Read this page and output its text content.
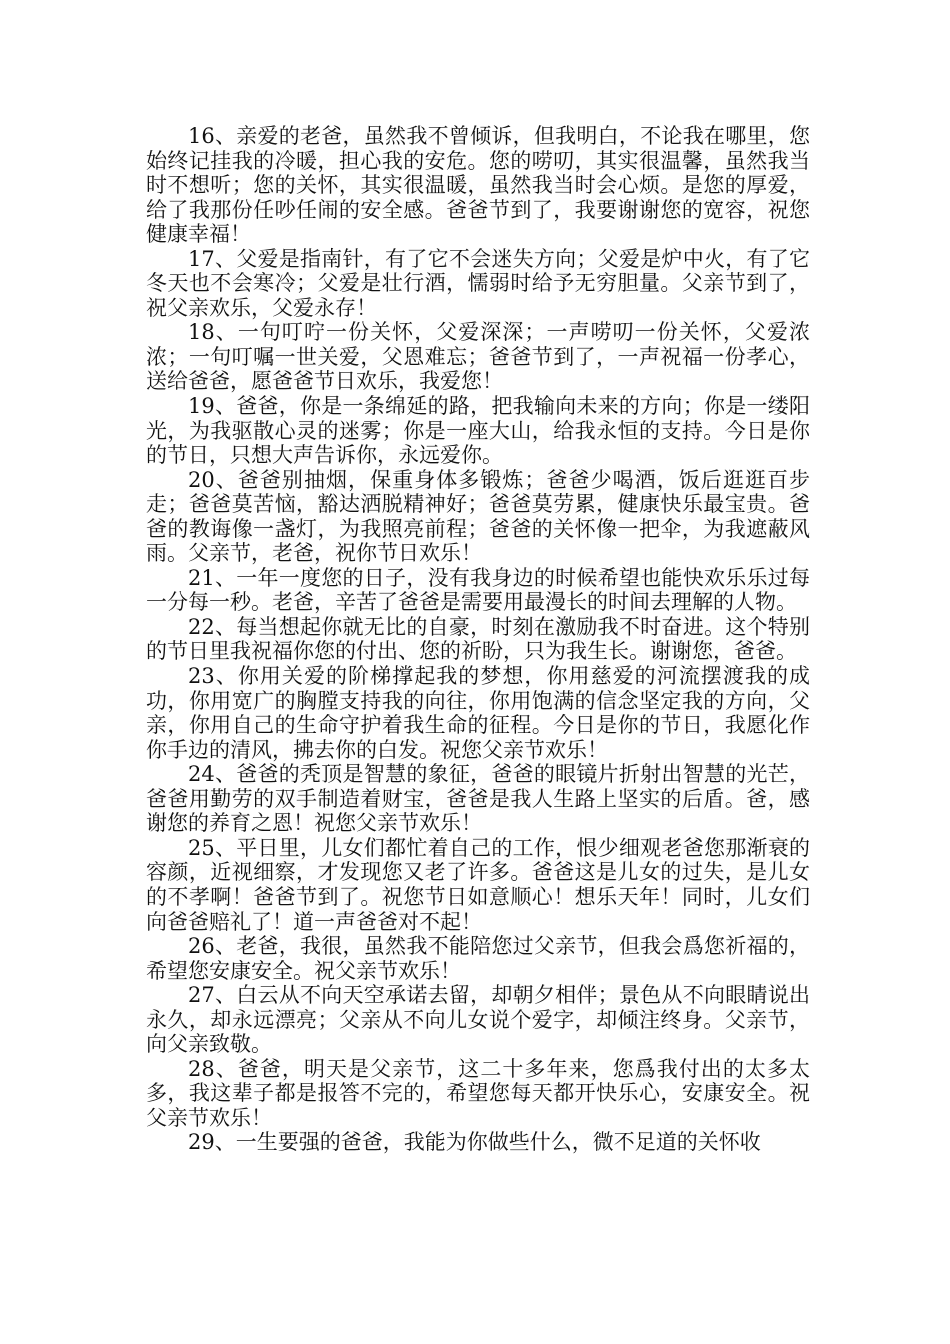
16、亲爱的老爸，虽然我不曾倾诉，但我明白，不论我在哪里，您始终记挂我的冷暖，担心我的安危。您的唠叨，其实很温馨，虽然我当时不想听；您的关怀，其实很温暖，虽然我当时会心烦。是您的厚爱，给了我那份任吵任闹的安全感。爸爸节到了，我要谢谢您的宽容，祝您健康幸福！

17、父爱是指南针，有了它不会迷失方向；父爱是炉中火，有了它冬天也不会寒冷；父爱是壮行酒，懦弱时给予无穷胆量。父亲节到了，祝父亲欢乐，父爱永存！

18、一句叮咛一份关怀，父爱深深；一声唠叨一份关怀，父爱浓浓；一句叮嘱一世关爱，父恩难忘；爸爸节到了，一声祝福一份孝心，送给爸爸，愿爸爸节日欢乐，我爱您！

19、爸爸，你是一条绵延的路，把我输向未来的方向；你是一缕阳光，为我驱散心灵的迷雾；你是一座大山，给我永恒的支持。今日是你的节日，只想大声告诉你，永远爱你。

20、爸爸别抽烟，保重身体多锻炼；爸爸少喝酒，饭后逛逛百步走；爸爸莫苦恼，豁达洒脱精神好；爸爸莫劳累，健康快乐最宝贵。爸爸的教诲像一盏灯，为我照亮前程；爸爸的关怀像一把伞，为我遮蔽风雨。父亲节，老爸，祝你节日欢乐！

21、一年一度您的日子，没有我身边的时候希望也能快欢乐乐过每一分每一秒。老爸，辛苦了爸爸是需要用最漫长的时间去理解的人物。

22、每当想起你就无比的自豪，时刻在激励我不时奋进。这个特别的节日里我祝福你您的付出、您的祈盼，只为我生长。谢谢您，爸爸。

23、你用关爱的阶梯撑起我的梦想，你用慈爱的河流摆渡我的成功，你用宽广的胸膛支持我的向往，你用饱满的信念坚定我的方向，父亲，你用自己的生命守护着我生命的征程。今日是你的节日，我愿化作你手边的清风，拂去你的白发。祝您父亲节欢乐！

24、爸爸的秃顶是智慧的象征，爸爸的眼镜片折射出智慧的光芒，爸爸用勤劳的双手制造着财宝，爸爸是我人生路上坚实的后盾。爸，感谢您的养育之恩！祝您父亲节欢乐！

25、平日里，儿女们都忙着自己的工作，恨少细观老爸您那渐衰的容颜，近视细察，才发现您又老了许多。爸爸这是儿女的过失，是儿女的不孝啊！爸爸节到了。祝您节日如意顺心！想乐天年！同时，儿女们向爸爸赔礼了！道一声爸爸对不起！

26、老爸，我很，虽然我不能陪您过父亲节，但我会爲您祈福的，希望您安康安全。祝父亲节欢乐！

27、白云从不向天空承诺去留，却朝夕相伴；景色从不向眼睛说出永久，却永远漂亮；父亲从不向儿女说个爱字，却倾注终身。父亲节，向父亲致敬。

28、爸爸，明天是父亲节，这二十多年来，您爲我付出的太多太多，我这辈子都是报答不完的，希望您每天都开快乐心，安康安全。祝父亲节欢乐！

29、一生要强的爸爸，我能为你做些什么，微不足道的关怀收
